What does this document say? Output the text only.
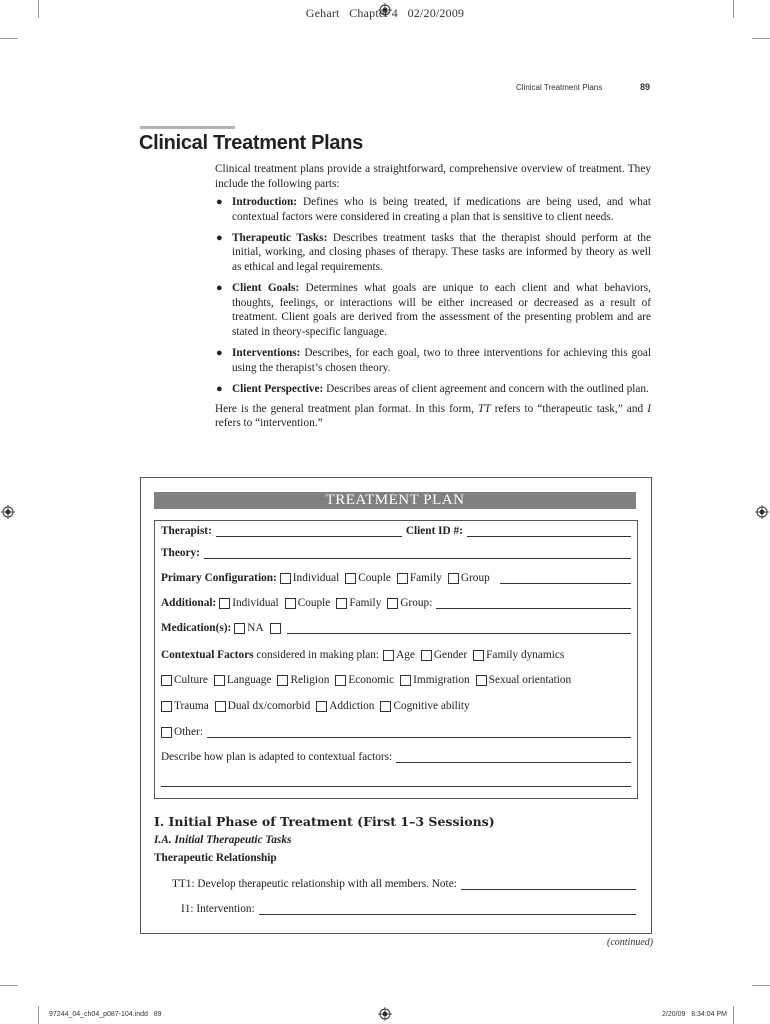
Gehart   Chapter 4   02/20/2009
Clinical Treatment Plans	89
Clinical Treatment Plans
Clinical treatment plans provide a straightforward, comprehensive overview of treatment. They include the following parts:
● Introduction: Defines who is being treated, if medications are being used, and what contextual factors were considered in creating a plan that is sensitive to client needs.
● Therapeutic Tasks: Describes treatment tasks that the therapist should perform at the initial, working, and closing phases of therapy. These tasks are informed by theory as well as ethical and legal requirements.
● Client Goals: Determines what goals are unique to each client and what behaviors, thoughts, feelings, or interactions will be either increased or decreased as a result of treatment. Client goals are derived from the assessment of the presenting problem and are stated in theory-specific language.
● Interventions: Describes, for each goal, two to three interventions for achieving this goal using the therapist’s chosen theory.
● Client Perspective: Describes areas of client agreement and concern with the outlined plan.
Here is the general treatment plan format. In this form, TT refers to “therapeutic task,” and I refers to “intervention.”
TREATMENT PLAN
Therapist:	Client ID #:
Theory:
Primary Configuration: Individual Couple Family Group
Additional: Individual Couple Family Group:
Medication(s): NA
Contextual Factors considered in making plan: Age Gender Family dynamics
Culture Language Religion Economic Immigration Sexual orientation
Trauma Dual dx/comorbid Addiction Cognitive ability
Other:
Describe how plan is adapted to contextual factors:
I. Initial Phase of Treatment (First 1–3 Sessions)
I.A. Initial Therapeutic Tasks
Therapeutic Relationship
TT1: Develop therapeutic relationship with all members. Note:
I1: Intervention:
(continued)
97244_04_ch04_p087-104.indd   89	2/20/09   8:34:04 PM
